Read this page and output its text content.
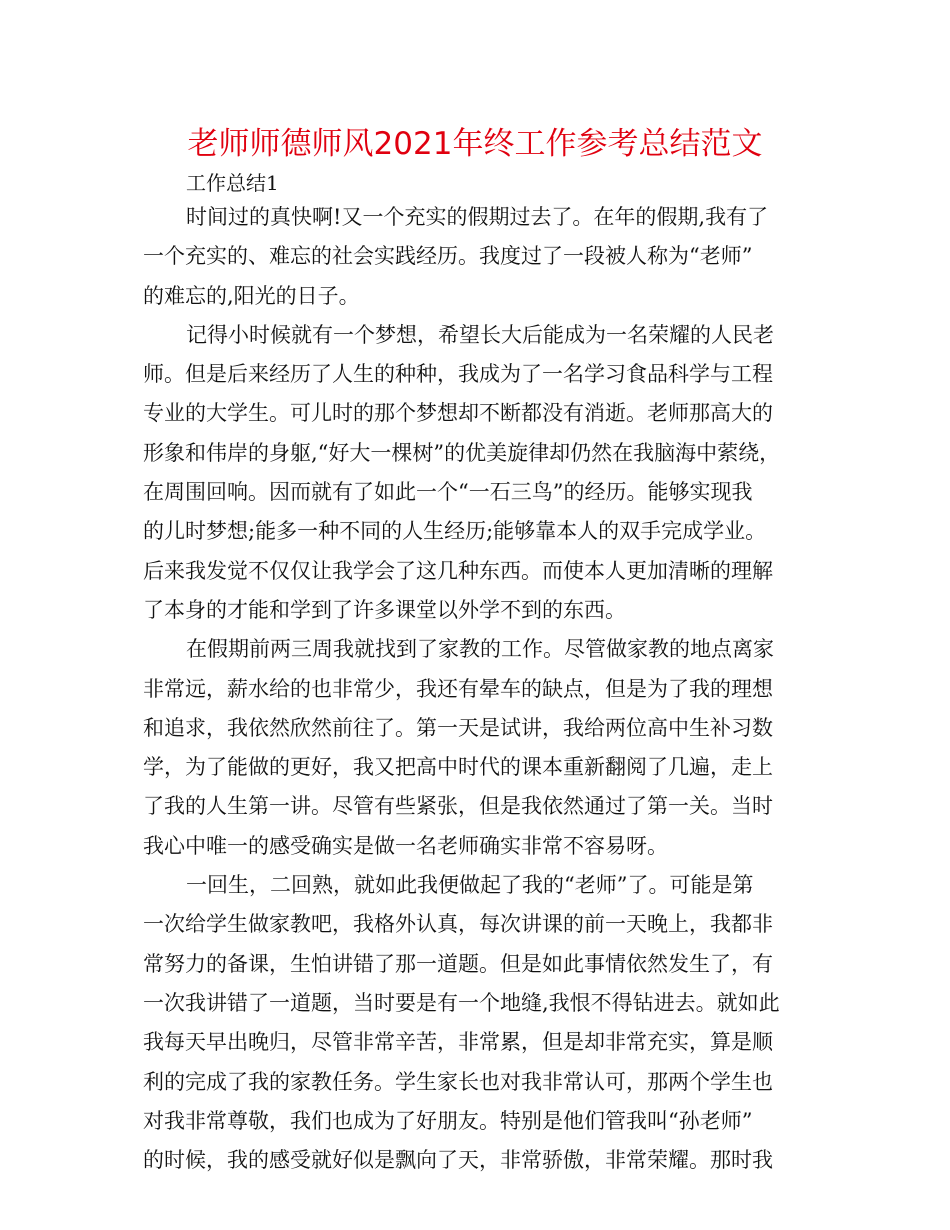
老师师德师风2021年终工作参考总结范文
工作总结1
时间过的真快啊!又一个充实的假期过去了。在年的假期,我有了
一个充实的、难忘的社会实践经历。我度过了一段被人称为“老师”
的难忘的,阳光的日子。
记得小时候就有一个梦想，希望长大后能成为一名荣耀的人民老
师。但是后来经历了人生的种种，我成为了一名学习食品科学与工程
专业的大学生。可儿时的那个梦想却不断都没有消逝。老师那高大的
形象和伟岸的身躯,“好大一棵树”的优美旋律却仍然在我脑海中萦绕，
在周围回响。因而就有了如此一个“一石三鸟”的经历。能够实现我
的儿时梦想;能多一种不同的人生经历;能够靠本人的双手完成学业。
后来我发觉不仅仅让我学会了这几种东西。而使本人更加清晰的理解
了本身的才能和学到了许多课堂以外学不到的东西。
在假期前两三周我就找到了家教的工作。尽管做家教的地点离家
非常远，薪水给的也非常少，我还有晕车的缺点，但是为了我的理想
和追求，我依然欣然前往了。第一天是试讲，我给两位高中生补习数
学，为了能做的更好，我又把高中时代的课本重新翻阅了几遍，走上
了我的人生第一讲。尽管有些紧张，但是我依然通过了第一关。当时
我心中唯一的感受确实是做一名老师确实非常不容易呀。
一回生，二回熟，就如此我便做起了我的“老师”了。可能是第
一次给学生做家教吧，我格外认真，每次讲课的前一天晚上，我都非
常努力的备课，生怕讲错了那一道题。但是如此事情依然发生了，有
一次我讲错了一道题，当时要是有一个地缝,我恨不得钻进去。就如此
我每天早出晚归，尽管非常辛苦，非常累，但是却非常充实，算是顺
利的完成了我的家教任务。学生家长也对我非常认可，那两个学生也
对我非常尊敬，我们也成为了好朋友。特别是他们管我叫“孙老师”
的时候，我的感受就好似是飘向了天，非常骄傲，非常荣耀。那时我
